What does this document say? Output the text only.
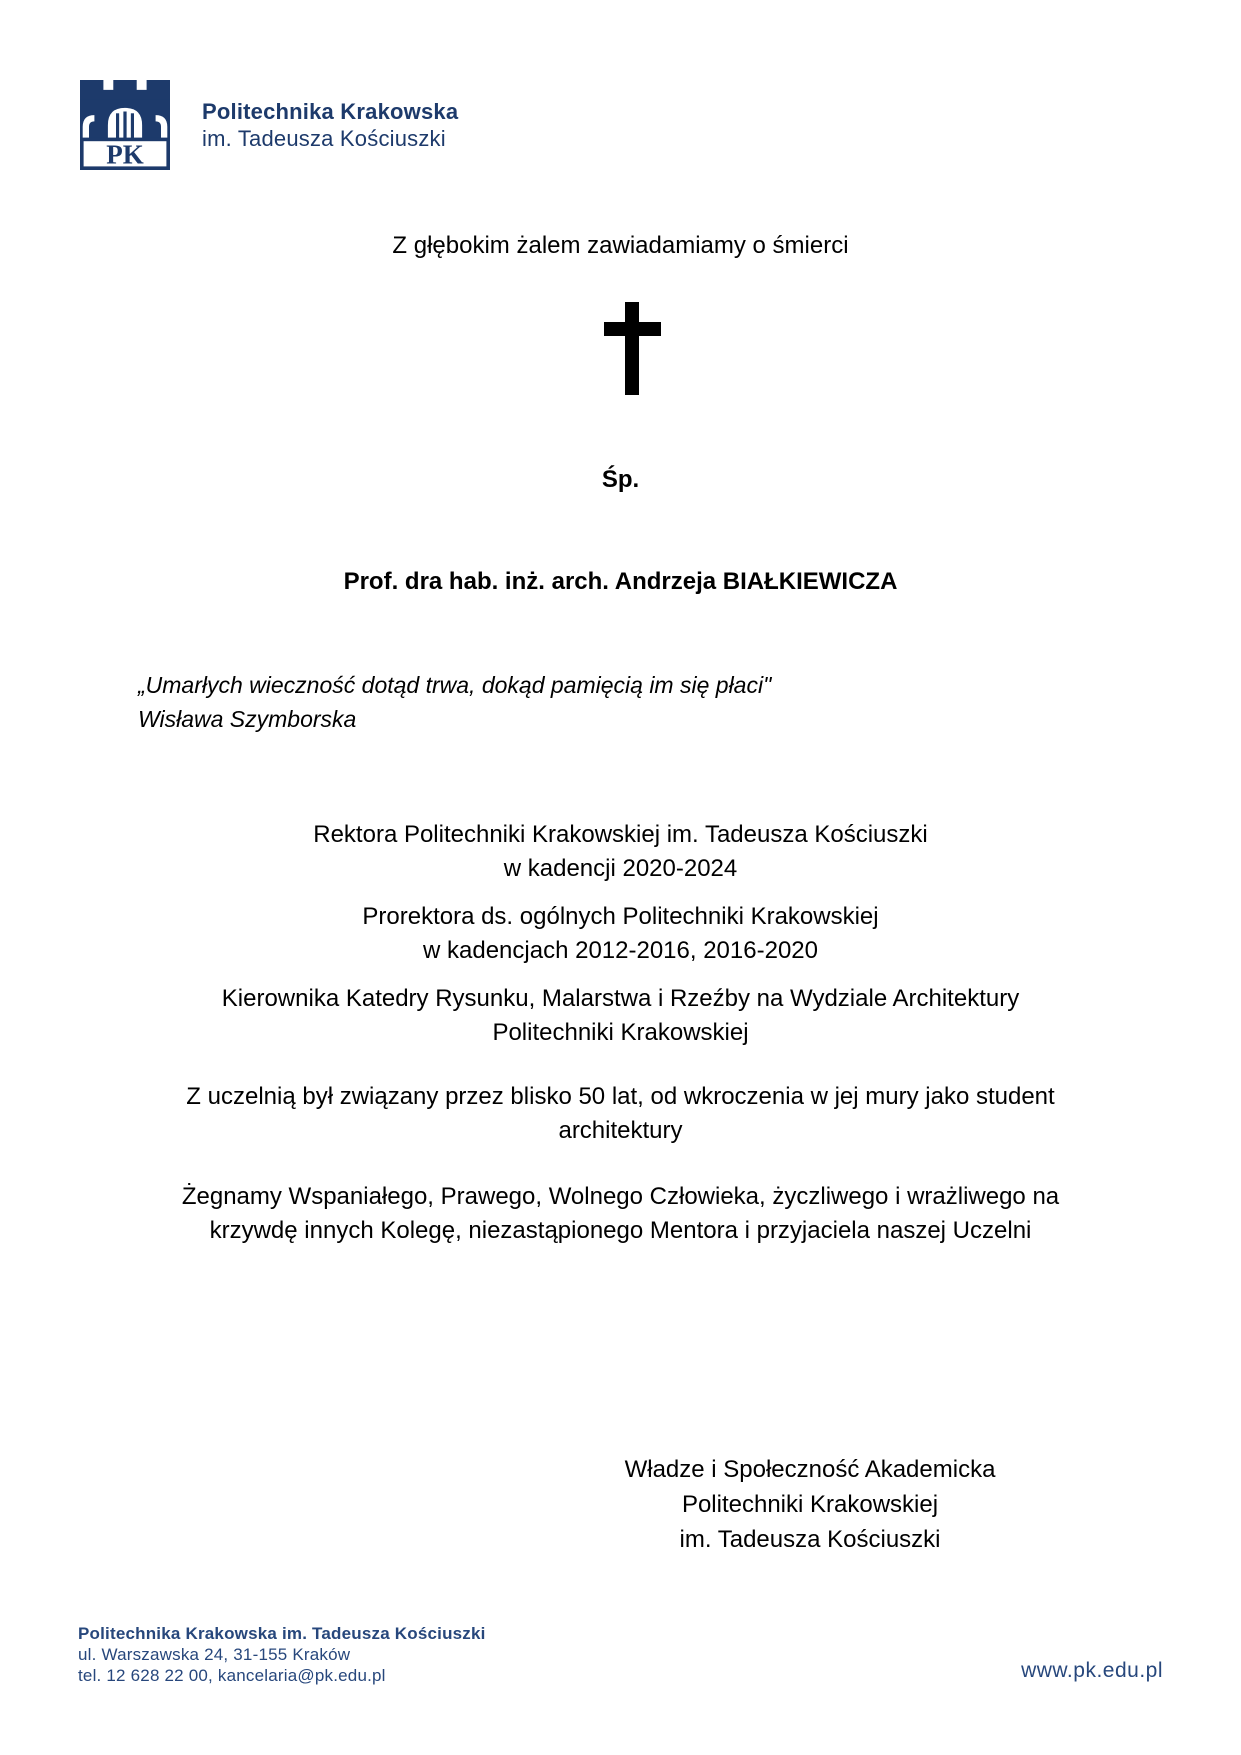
PK
Politechnika Krakowska
im. Tadeusza Kościuszki
Z głębokim żalem zawiadamiamy o śmierci
Śp.
Prof. dra hab. inż. arch. Andrzeja BIAŁKIEWICZA
„Umarłych wieczność dotąd trwa, dokąd pamięcią im się płaci"
Wisława Szymborska

Rektora Politechniki Krakowskiej im. Tadeusza Kościuszki
w kadencji 2020-2024

Prorektora ds. ogólnych Politechniki Krakowskiej
w kadencjach 2012-2016, 2016-2020

Kierownika Katedry Rysunku, Malarstwa i Rzeźby na Wydziale Architektury
Politechniki Krakowskiej

Z uczelnią był związany przez blisko 50 lat, od wkroczenia w jej mury jako student
architektury

Żegnamy Wspaniałego, Prawego, Wolnego Człowieka, życzliwego i wrażliwego na
krzywdę innych Kolegę, niezastąpionego Mentora i przyjaciela naszej Uczelni

Władze i Społeczność Akademicka
Politechniki Krakowskiej
im. Tadeusza Kościuszki
Politechnika Krakowska im. Tadeusza Kościuszki
ul. Warszawska 24, 31-155 Kraków
tel. 12 628 22 00, kancelaria@pk.edu.pl	www.pk.edu.pl
